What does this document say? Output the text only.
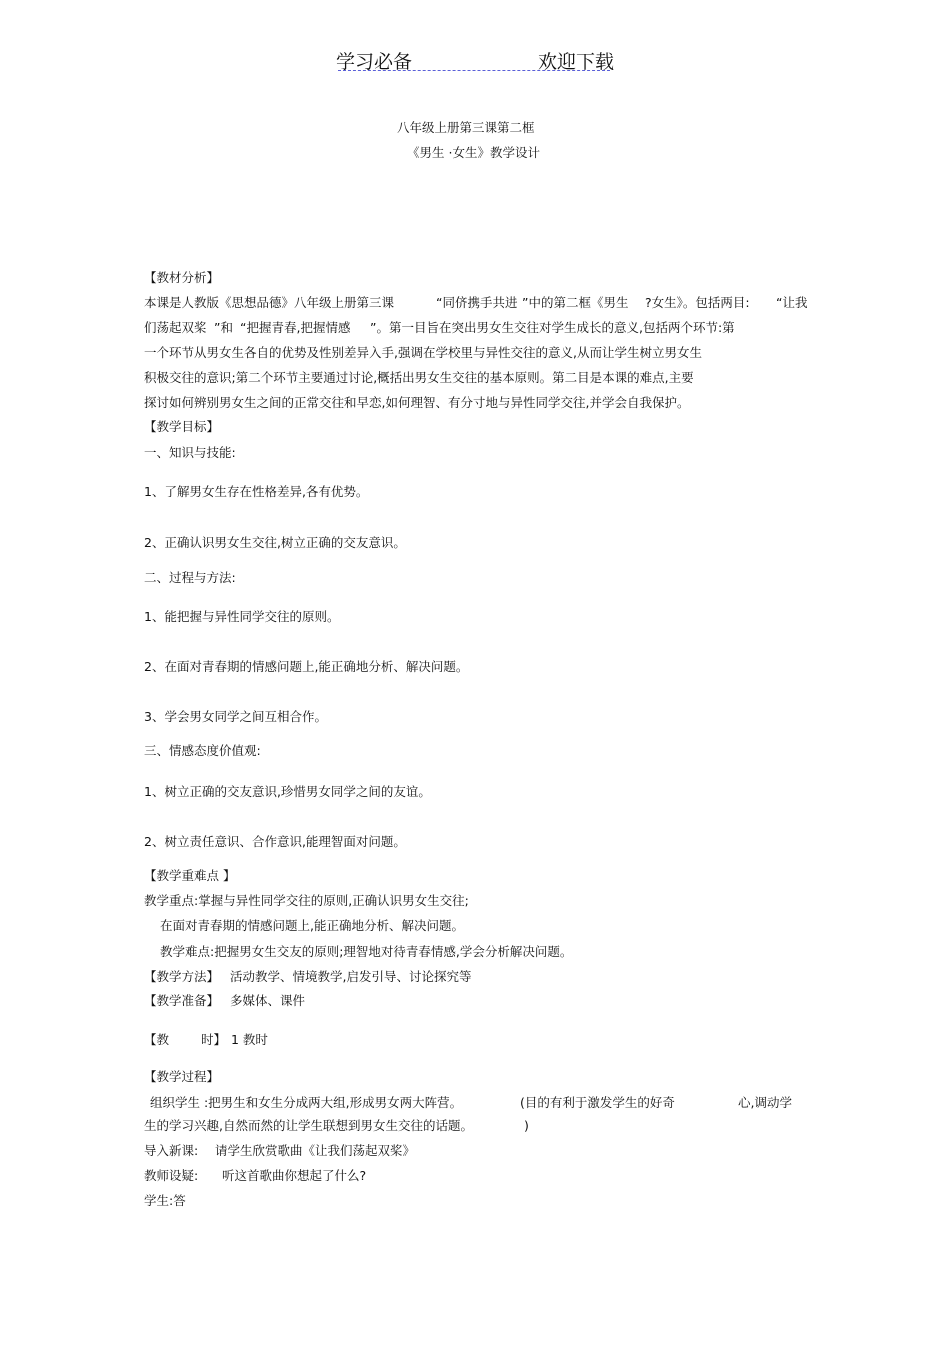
学习必备	欢迎下载
八年级上册第三课第二框
《男生 ·女生》教学设计
【教材分析】
本课是人教版《思想品德》八年级上册第三课	“同侪携手共进 ”中的第二框《男生 ?女生》。包括两目: “让我
们荡起双桨 ”和 “把握青春,把握情感 ”。第一目旨在突出男女生交往对学生成长的意义,包括两个环节:第
一个环节从男女生各自的优势及性别差异入手,强调在学校里与异性交往的意义,从而让学生树立男女生
积极交往的意识;第二个环节主要通过讨论,概括出男女生交往的基本原则。第二目是本课的难点,主要
探讨如何辨别男女生之间的正常交往和早恋,如何理智、有分寸地与异性同学交往,并学会自我保护。
【教学目标】
一、知识与技能:
1、了解男女生存在性格差异,各有优势。
2、正确认识男女生交往,树立正确的交友意识。
二、过程与方法:
1、能把握与异性同学交往的原则。
2、在面对青春期的情感问题上,能正确地分析、解决问题。
3、学会男女同学之间互相合作。
三、情感态度价值观:
1、树立正确的交友意识,珍惜男女同学之间的友谊。
2、树立责任意识、合作意识,能理智面对问题。
【教学重难点 】
教学重点:掌握与异性同学交往的原则,正确认识男女生交往;
在面对青春期的情感问题上,能正确地分析、解决问题。
教学难点:把握男女生交友的原则;理智地对待青春情感,学会分析解决问题。
【教学方法】 活动教学、情境教学,启发引导、讨论探究等
【教学准备】 多媒体、课件
【教	时】 1 教时
【教学过程】
组织学生 :把男生和女生分成两大组,形成男女两大阵营。	(目的有利于激发学生的好奇	心,调动学
生的学习兴趣,自然而然的让学生联想到男女生交往的话题。	)
导入新课: 请学生欣赏歌曲《让我们荡起双桨》
教师设疑: 听这首歌曲你想起了什么?
学生:答
